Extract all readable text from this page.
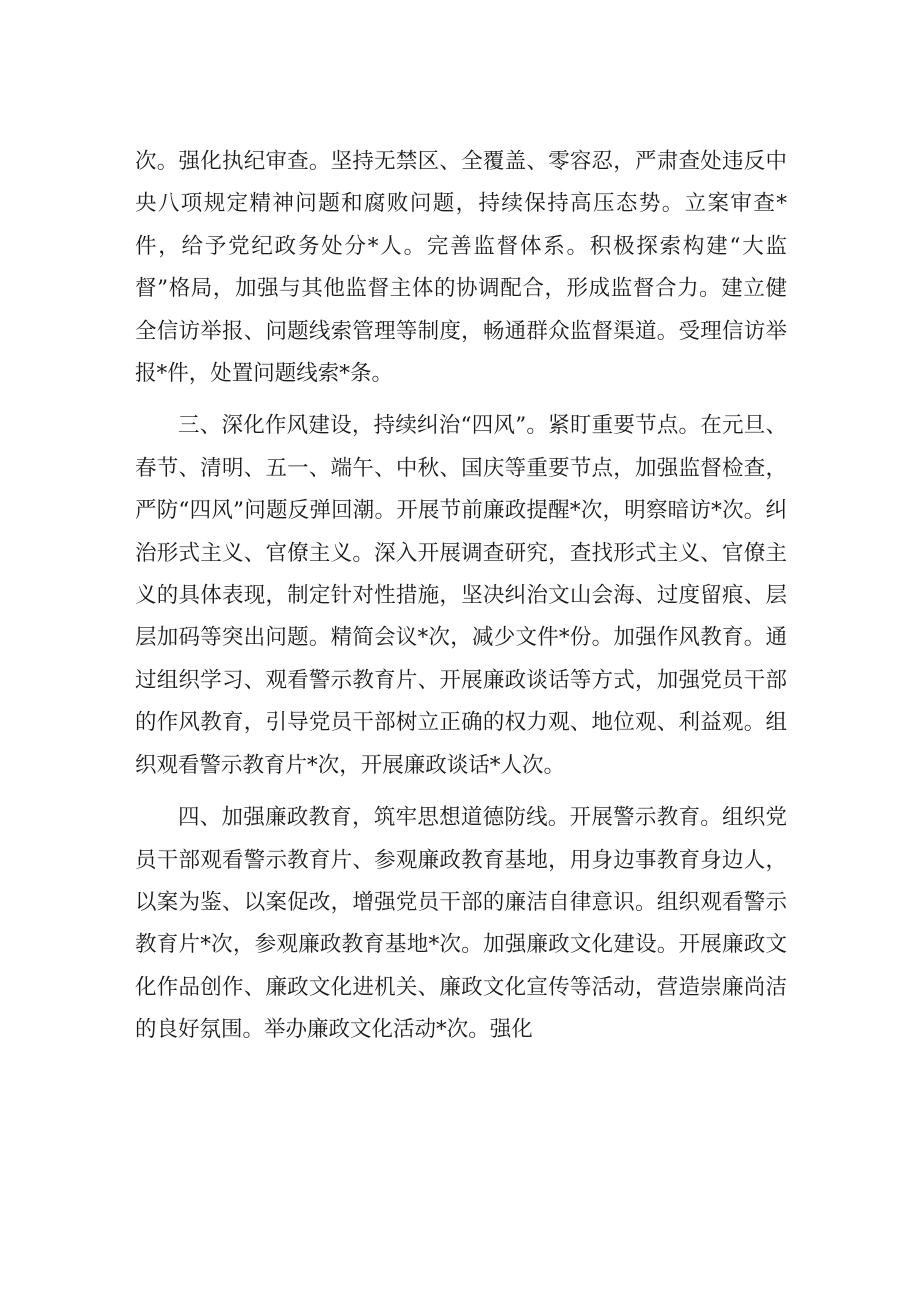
次。强化执纪审查。坚持无禁区、全覆盖、零容忍，严肃查处违反中央八项规定精神问题和腐败问题，持续保持高压态势。立案审查*件，给予党纪政务处分*人。完善监督体系。积极探索构建“大监督”格局，加强与其他监督主体的协调配合，形成监督合力。建立健全信访举报、问题线索管理等制度，畅通群众监督渠道。受理信访举报*件，处置问题线索*条。

三、深化作风建设，持续纠治“四风”。紧盯重要节点。在元旦、春节、清明、五一、端午、中秋、国庆等重要节点，加强监督检查，严防“四风”问题反弹回潮。开展节前廉政提醒*次，明察暗访*次。纠治形式主义、官僚主义。深入开展调查研究，查找形式主义、官僚主义的具体表现，制定针对性措施，坚决纠治文山会海、过度留痕、层层加码等突出问题。精简会议*次，减少文件*份。加强作风教育。通过组织学习、观看警示教育片、开展廉政谈话等方式，加强党员干部的作风教育，引导党员干部树立正确的权力观、地位观、利益观。组织观看警示教育片*次，开展廉政谈话*人次。

四、加强廉政教育，筑牢思想道德防线。开展警示教育。组织党员干部观看警示教育片、参观廉政教育基地，用身边事教育身边人，以案为鉴、以案促改，增强党员干部的廉洁自律意识。组织观看警示教育片*次，参观廉政教育基地*次。加强廉政文化建设。开展廉政文化作品创作、廉政文化进机关、廉政文化宣传等活动，营造崇廉尚洁的良好氛围。举办廉政文化活动*次。强化
